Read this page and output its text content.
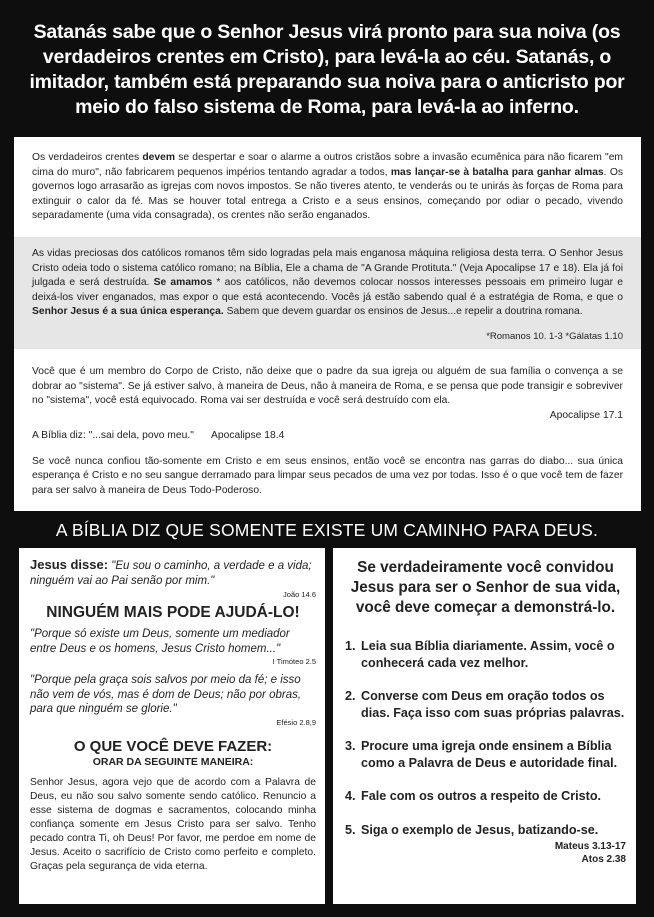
Satanás sabe que o Senhor Jesus virá pronto para sua noiva (os verdadeiros crentes em Cristo), para levá-la ao céu. Satanás, o imitador, também está preparando sua noiva para o anticristo por meio do falso sistema de Roma, para levá-la ao inferno.

Os verdadeiros crentes devem se despertar e soar o alarme a outros cristãos sobre a invasão ecumênica para não ficarem "em cima do muro", não fabricarem pequenos impérios tentando agradar a todos, mas lançar-se à batalha para ganhar almas. Os governos logo arrasarão as igrejas com novos impostos. Se não tiveres atento, te venderás ou te unirás às forças de Roma para extinguir o calor da fé. Mas se houver total entrega a Cristo e a seus ensinos, começando por odiar o pecado, vivendo separadamente (uma vida consagrada), os crentes não serão enganados.

As vidas preciosas dos católicos romanos têm sido logradas pela mais enganosa máquina religiosa desta terra. O Senhor Jesus Cristo odeia todo o sistema católico romano; na Bíblia, Ele a chama de "A Grande Protituta." (Veja Apocalipse 17 e 18). Ela já foi julgada e será destruída. Se amamos * aos católicos, não devemos colocar nossos interesses pessoais em primeiro lugar e deixá-los viver enganados, mas expor o que está acontecendo. Vocês já estão sabendo qual é a estratégia de Roma, e que o Senhor Jesus é a sua única esperança. Sabem que devem guardar os ensinos de Jesus...e repelir a doutrina romana.

*Romanos 10. 1-3 *Gálatas 1.10

Você que é um membro do Corpo de Cristo, não deixe que o padre da sua igreja ou alguém de sua família o convença a se dobrar ao "sistema". Se já estiver salvo, à maneira de Deus, não à maneira de Roma, e se pensa que pode transigir e sobreviver no "sistema", você está equivocado. Roma vai ser destruída e você será destruído com ela.
Apocalipse 17.1

A Bíblia diz: "...sai dela, povo meu." Apocalipse 18.4

Se você nunca confiou tão-somente em Cristo e em seus ensinos, então você se encontra nas garras do diabo... sua única esperança é Cristo e no seu sangue derramado para limpar seus pecados de uma vez por todas. Isso é o que você tem de fazer para ser salvo à maneira de Deus Todo-Poderoso.

A BÍBLIA DIZ QUE SOMENTE EXISTE UM CAMINHO PARA DEUS.
Jesus disse: "Eu sou o caminho, a verdade e a vida; ninguém vai ao Pai senão por mim."
João 14.6
NINGUÉM MAIS PODE AJUDÁ-LO!
"Porque só existe um Deus, somente um mediador entre Deus e os homens, Jesus Cristo homem..."
I Timóteo 2.5
"Porque pela graça sois salvos por meio da fé; e isso não vem de vós, mas é dom de Deus; não por obras, para que ninguém se glorie."
Efésio 2.8,9
O QUE VOCÊ DEVE FAZER:
ORAR DA SEGUINTE MANEIRA:
Senhor Jesus, agora vejo que de acordo com a Palavra de Deus, eu não sou salvo somente sendo católico. Renuncio a esse sistema de dogmas e sacramentos, colocando minha confiança somente em Jesus Cristo para ser salvo. Tenho pecado contra Ti, oh Deus! Por favor, me perdoe em nome de Jesus. Aceito o sacrifício de Cristo como perfeito e completo. Graças pela segurança de vida eterna.
Se verdadeiramente você convidou Jesus para ser o Senhor de sua vida, você deve começar a demonstrá-lo.
1. Leia sua Bíblia diariamente. Assim, você o conhecerá cada vez melhor.
2. Converse com Deus em oração todos os dias. Faça isso com suas próprias palavras.
3. Procure uma igreja onde ensinem a Bíblia como a Palavra de Deus e autoridade final.
4. Fale com os outros a respeito de Cristo.
5. Siga o exemplo de Jesus, batizando-se.
Mateus 3.13-17
Atos 2.38
